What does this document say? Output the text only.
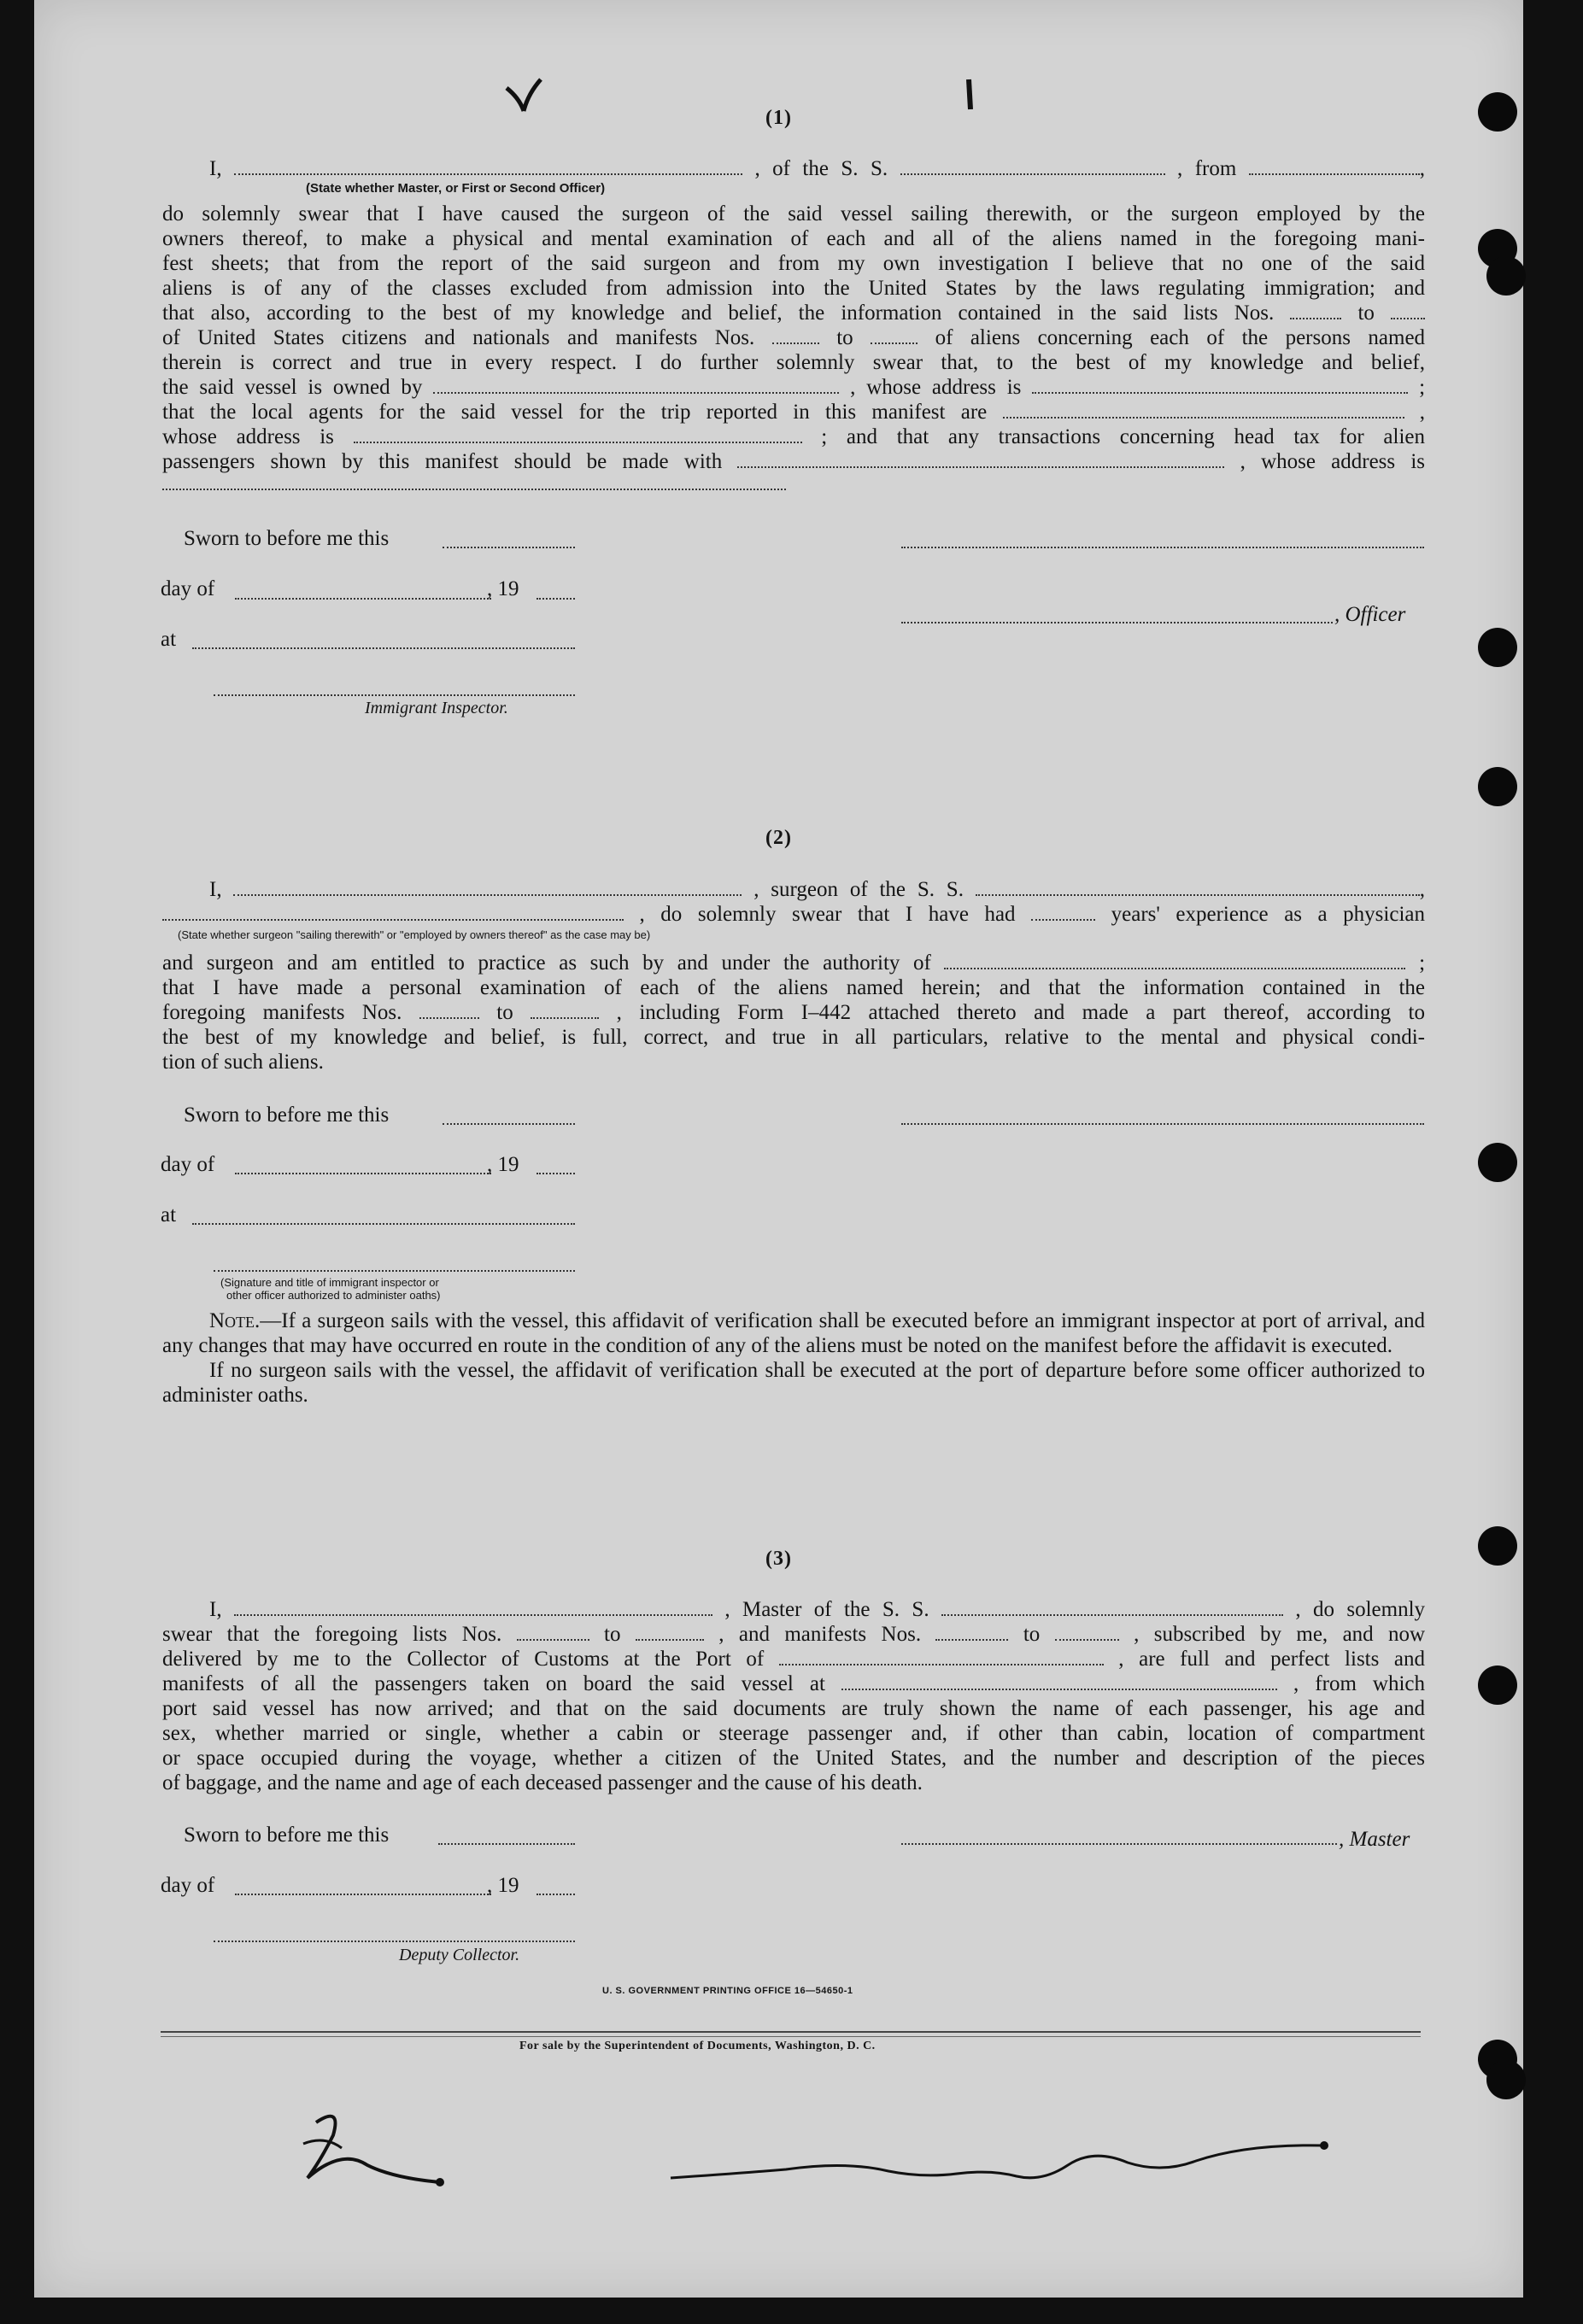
(1)
I,	, of the S. S.	, from	,
(State whether Master, or First or Second Officer)
do solemnly swear that I have caused the surgeon of the said vessel sailing therewith, or the surgeon employed by the
owners thereof, to make a physical and mental examination of each and all of the aliens named in the foregoing mani-
fest sheets; that from the report of the said surgeon and from my own investigation I believe that no one of the said
aliens is of any of the classes excluded from admission into the United States by the laws regulating immigration; and
that also, according to the best of my knowledge and belief, the information contained in the said lists Nos.	to
of United States citizens and nationals and manifests Nos.	to	of aliens concerning each of the persons named
therein is correct and true in every respect. I do further solemnly swear that, to the best of my knowledge and belief,
the said vessel is owned by	, whose address is	;
that the local agents for the said vessel for the trip reported in this manifest are	,
whose address is	; and that any transactions concerning head tax for alien
passengers shown by this manifest should be made with	, whose address is
Sworn to before me this
day of	, 19
, Officer
at
Immigrant Inspector.
(2)
I,	, surgeon of the S. S.	,
, do solemnly swear that I have had	years' experience as a physician
(State whether surgeon "sailing therewith" or "employed by owners thereof" as the case may be)
and surgeon and am entitled to practice as such by and under the authority of	;
that I have made a personal examination of each of the aliens named herein; and that the information contained in the
foregoing manifests Nos.	to	, including Form I–442 attached thereto and made a part thereof, according to
the best of my knowledge and belief, is full, correct, and true in all particulars, relative to the mental and physical condi-
tion of such aliens.
Sworn to before me this
day of	, 19
at
(Signature and title of immigrant inspector or
other officer authorized to administer oaths)

Note.—If a surgeon sails with the vessel, this affidavit of verification shall be executed before an immigrant inspector at port of arrival, and any changes that may have occurred en route in the condition of any of the aliens must be noted on the manifest before the affidavit is executed.

If no surgeon sails with the vessel, the affidavit of verification shall be executed at the port of departure before some officer authorized to administer oaths.

(3)
I,	, Master of the S. S.	, do solemnly
swear that the foregoing lists Nos.	to	, and manifests Nos.	to	, subscribed by me, and now
delivered by me to the Collector of Customs at the Port of	, are full and perfect lists and
manifests of all the passengers taken on board the said vessel at	, from which
port said vessel has now arrived; and that on the said documents are truly shown the name of each passenger, his age and
sex, whether married or single, whether a cabin or steerage passenger and, if other than cabin, location of compartment
or space occupied during the voyage, whether a citizen of the United States, and the number and description of the pieces
of baggage, and the name and age of each deceased passenger and the cause of his death.
Sworn to before me this	, Master
day of	, 19
Deputy Collector.
U. S. GOVERNMENT PRINTING OFFICE 16—54650-1
For sale by the Superintendent of Documents, Washington, D. C.
